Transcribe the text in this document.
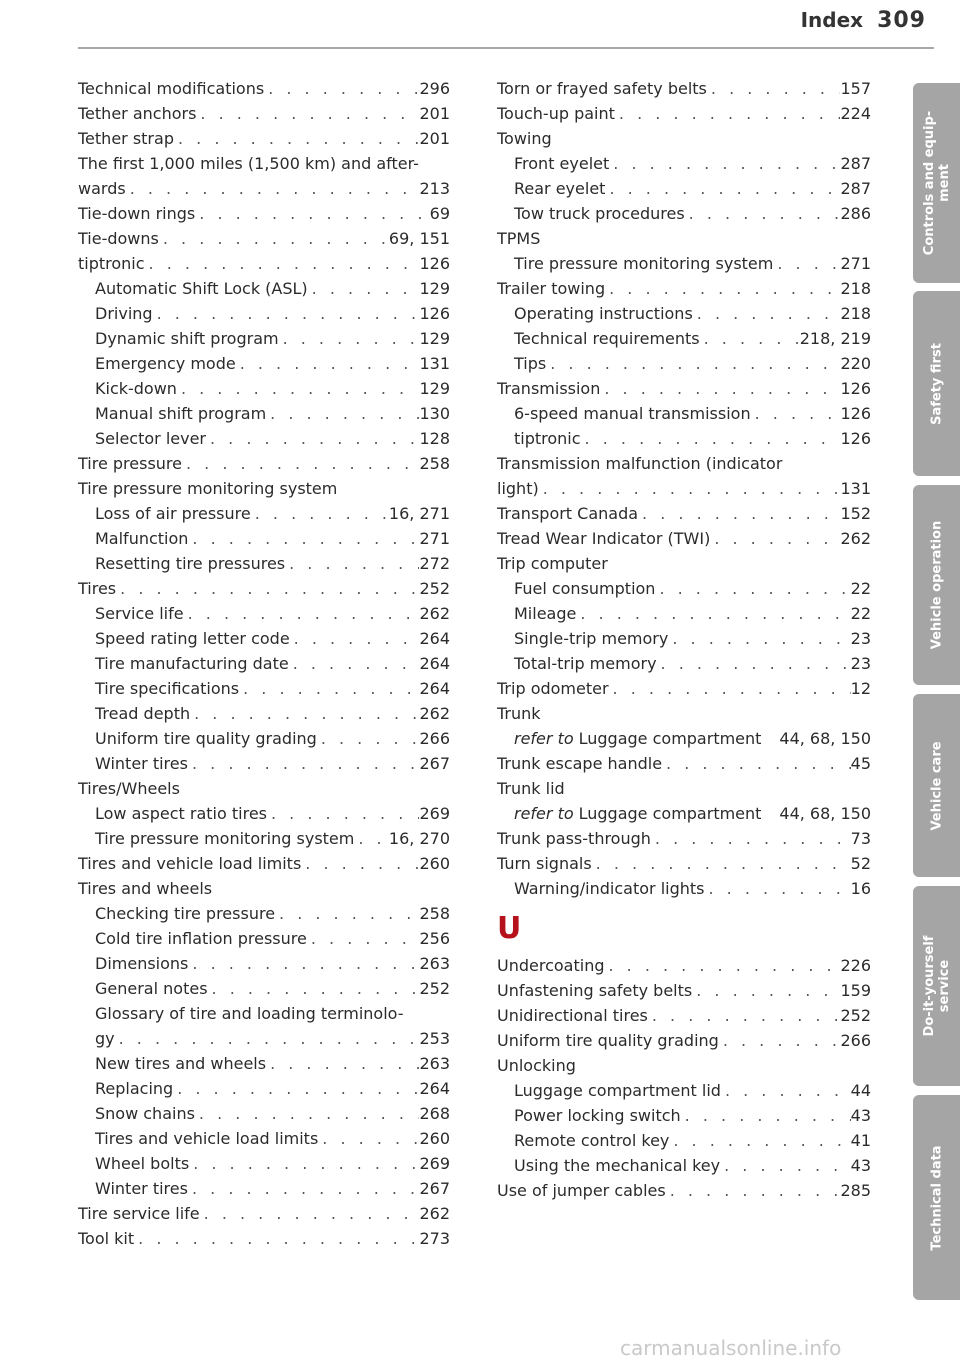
Index 309
Technical modifications . . .	296
Tether anchors . . .	201
Tether strap . . .	201
The first 1,000 miles (1,500 km) and after-
wards . . .	213
Tie-down rings . . .	69
Tie-downs . . .	69, 151
tiptronic . . .	126
Automatic Shift Lock (ASL) . . .	129
Driving . . .	126
Dynamic shift program . . .	129
Emergency mode . . .	131
Kick-down . . .	129
Manual shift program . . .	130
Selector lever . . .	128
Tire pressure . . .	258
Tire pressure monitoring system
Loss of air pressure . . .	16, 271
Malfunction . . .	271
Resetting tire pressures . . .	272
Tires . . .	252
Service life . . .	262
Speed rating letter code . . .	264
Tire manufacturing date . . .	264
Tire specifications . . .	264
Tread depth . . .	262
Uniform tire quality grading . . .	266
Winter tires . . .	267
Tires/Wheels
Low aspect ratio tires . . .	269
Tire pressure monitoring system . . . 16, 270
Tires and vehicle load limits . . .	260
Tires and wheels
Checking tire pressure . . .	258
Cold tire inflation pressure . . .	256
Dimensions . . .	263
General notes . . .	252
Glossary of tire and loading terminolo-
gy . . .	253
New tires and wheels . . .	263
Replacing . . .	264
Snow chains . . .	268
Tires and vehicle load limits . . .	260
Wheel bolts . . .	269
Winter tires . . .	267
Tire service life . . .	262
Tool kit . . .	273
Torn or frayed safety belts . . .	157
Touch-up paint . . .	224
Towing
Front eyelet . . .	287
Rear eyelet . . .	287
Tow truck procedures . . .	286
TPMS
Tire pressure monitoring system . . .	271
Trailer towing . . .	218
Operating instructions . . .	218
Technical requirements . . .	218, 219
Tips . . .	220
Transmission . . .	126
6-speed manual transmission . . .	126
tiptronic . . .	126
Transmission malfunction (indicator
light) . . .	131
Transport Canada . . .	152
Tread Wear Indicator (TWI) . . .	262
Trip computer
Fuel consumption . . .	22
Mileage . . .	22
Single-trip memory . . .	23
Total-trip memory . . .	23
Trip odometer . . .	12
Trunk
refer to Luggage compartment 44, 68, 150
Trunk escape handle . . .	45
Trunk lid
refer to Luggage compartment 44, 68, 150
Trunk pass-through . . .	73
Turn signals . . .	52
Warning/indicator lights . . .	16
U
Undercoating . . .	226
Unfastening safety belts . . .	159
Unidirectional tires . . .	252
Uniform tire quality grading . . .	266
Unlocking
Luggage compartment lid . . .	44
Power locking switch . . .	43
Remote control key . . .	41
Using the mechanical key . . .	43
Use of jumper cables . . .	285
Controls and equip-
ment
Safety first
Vehicle operation
Vehicle care
Do-it-yourself
service
Technical data
carmanualsonline.info
